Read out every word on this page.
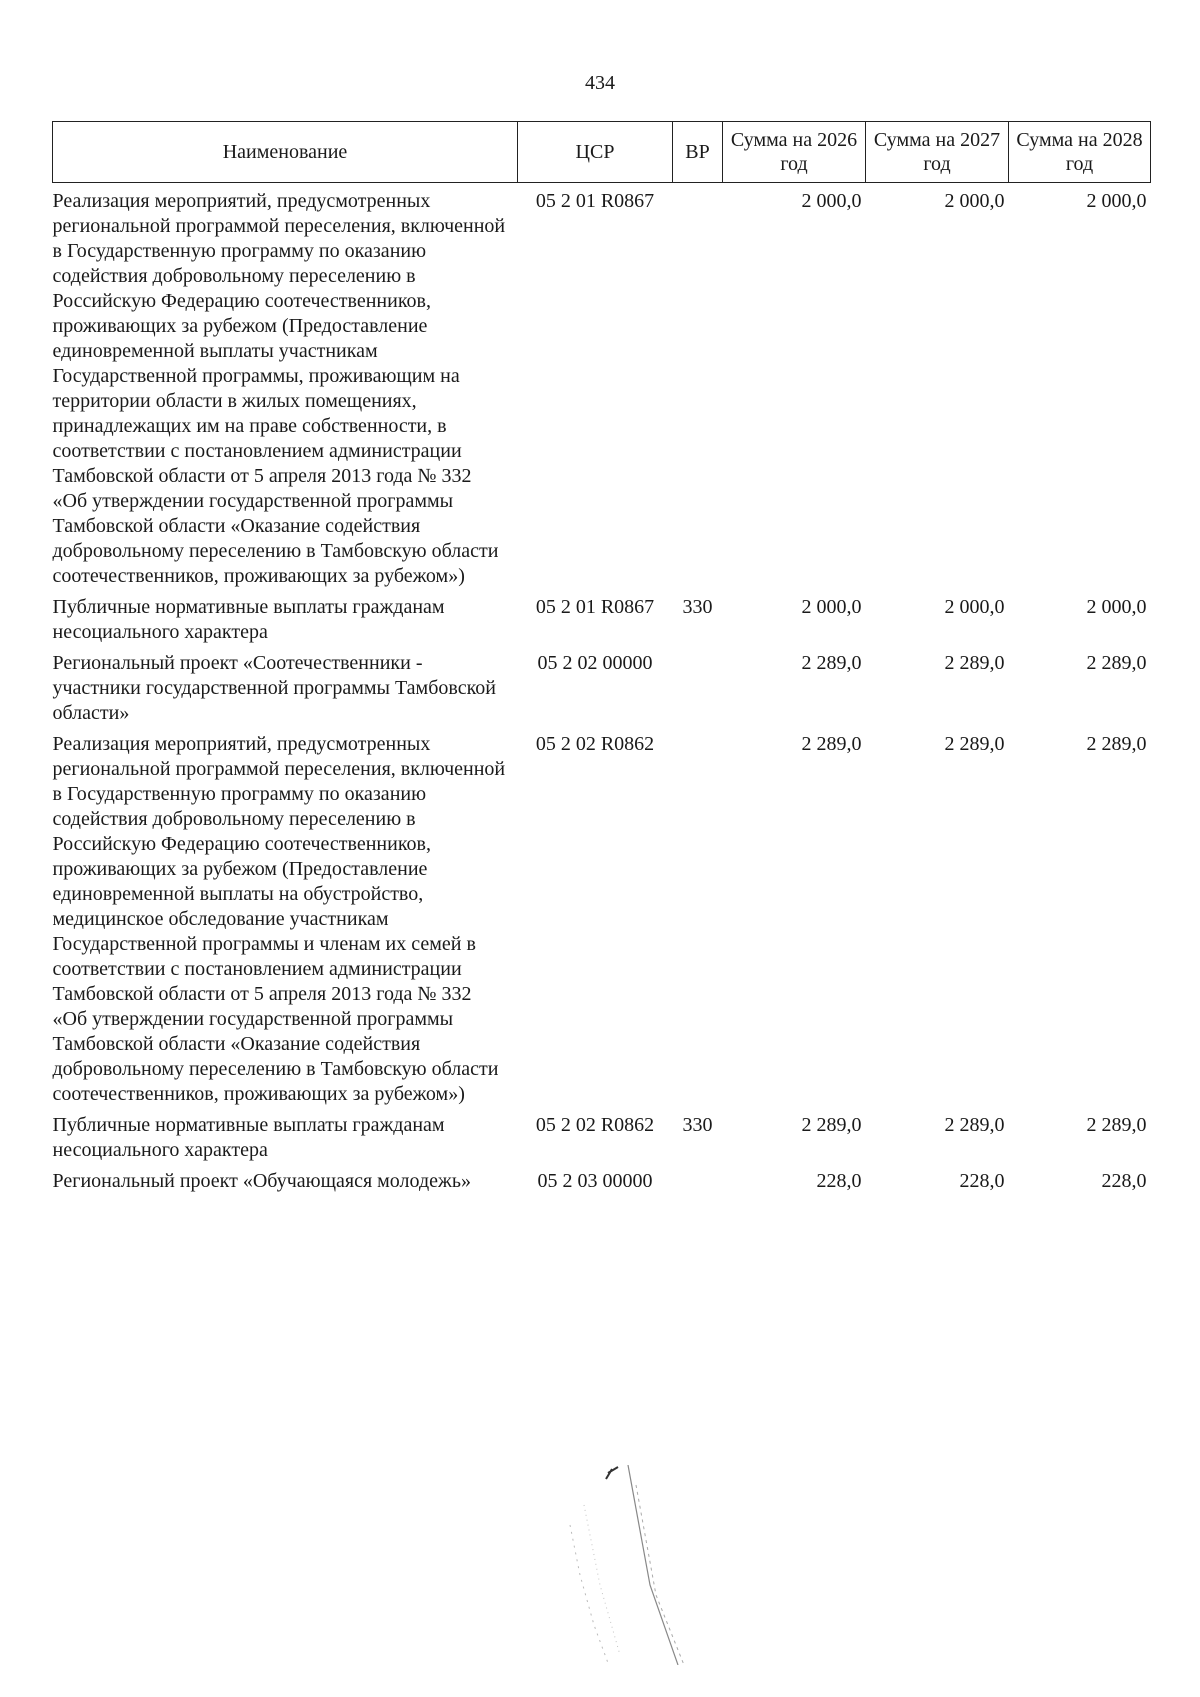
434
Наименование	ЦСР	ВР	Сумма на 2026 год	Сумма на 2027 год	Сумма на 2028 год
Реализация мероприятий, предусмотренных региональной программой переселения, включенной в Государственную программу по оказанию содействия добровольному переселению в Российскую Федерацию соотечественников, проживающих за рубежом (Предоставление единовременной выплаты участникам Государственной программы, проживающим на территории области в жилых помещениях, принадлежащих им на праве собственности, в соответствии с постановлением администрации Тамбовской области от 5 апреля 2013 года № 332 «Об утверждении государственной программы Тамбовской области «Оказание содействия добровольному переселению в Тамбовскую области соотечественников, проживающих за рубежом»)	05 2 01 R0867		2 000,0	2 000,0	2 000,0
Публичные нормативные выплаты гражданам несоциального характера	05 2 01 R0867	330	2 000,0	2 000,0	2 000,0
Региональный проект «Соотечественники - участники государственной программы Тамбовской области»	05 2 02 00000		2 289,0	2 289,0	2 289,0
Реализация мероприятий, предусмотренных региональной программой переселения, включенной в Государственную программу по оказанию содействия добровольному переселению в Российскую Федерацию соотечественников, проживающих за рубежом (Предоставление единовременной выплаты на обустройство, медицинское обследование участникам Государственной программы и членам их семей в соответствии с постановлением администрации Тамбовской области от 5 апреля 2013 года № 332 «Об утверждении государственной программы Тамбовской области «Оказание содействия добровольному переселению в Тамбовскую области соотечественников, проживающих за рубежом»)	05 2 02 R0862		2 289,0	2 289,0	2 289,0
Публичные нормативные выплаты гражданам несоциального характера	05 2 02 R0862	330	2 289,0	2 289,0	2 289,0
Региональный проект «Обучающаяся молодежь»	05 2 03 00000		228,0	228,0	228,0
